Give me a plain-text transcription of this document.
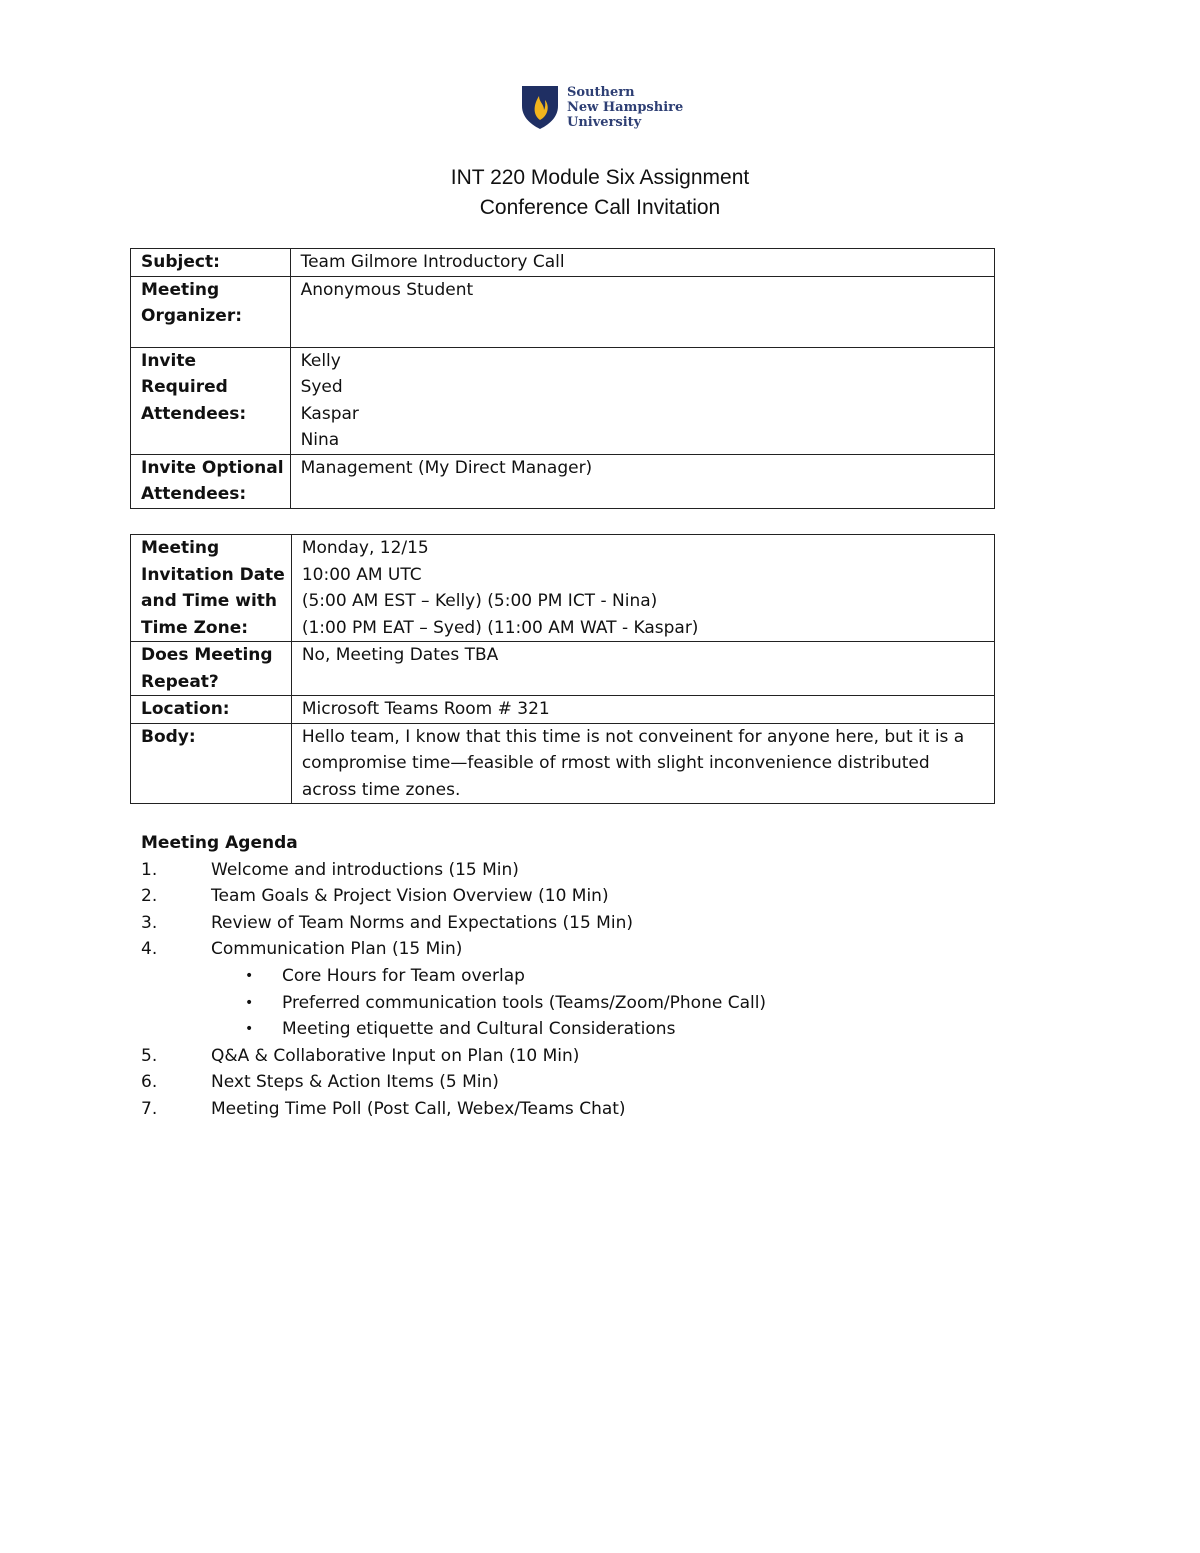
Southern
New Hampshire
University
INT 220 Module Six Assignment
Conference Call Invitation
Subject:	Team Gilmore Introductory Call

Meeting
Organizer:	Anonymous Student

Invite
Required
Attendees:	Kelly
Syed
Kaspar
Nina

Invite Optional
Attendees:	Management (My Direct Manager)
Meeting
Invitation Date
and Time with
Time Zone:	Monday, 12/15
10:00 AM UTC
(5:00 AM EST – Kelly) (5:00 PM ICT - Nina)
(1:00 PM EAT – Syed) (11:00 AM WAT - Kaspar)

Does Meeting
Repeat?	No, Meeting Dates TBA
Location:	Microsoft Teams Room # 321
Body:	Hello team, I know that this time is not conveinent for anyone here, but it is a
compromise time—feasible of rmost with slight inconvenience distributed
across time zones.
Meeting Agenda
1.	Welcome and introductions (15 Min)
2.	Team Goals & Project Vision Overview (10 Min)
3.	Review of Team Norms and Expectations (15 Min)
4.	Communication Plan (15 Min)
• Core Hours for Team overlap
• Preferred communication tools (Teams/Zoom/Phone Call)
• Meeting etiquette and Cultural Considerations
5.	Q&A & Collaborative Input on Plan (10 Min)
6.	Next Steps & Action Items (5 Min)
7.	Meeting Time Poll (Post Call, Webex/Teams Chat)
